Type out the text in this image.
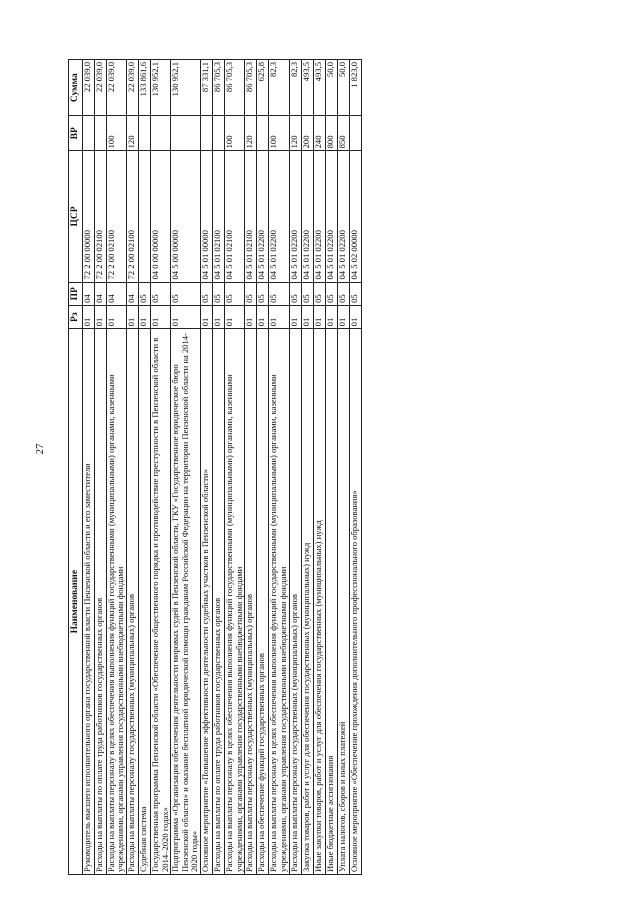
27
Наименование	Рз	ПР	ЦСР	ВР	Сумма
Руководитель высшего исполнительного органа государственной власти Пензенской области и его заместители	01	04	72 2 00 00000		22 039,0
Расходы на выплаты по оплате труда работников государственных органов	01	04	72 2 00 02100		22 039,0
Расходы на выплаты персоналу в целях обеспечения выполнения функций государственными (муниципальными) органами, казенными учреждениями, органами управления государственными внебюджетными фондами	01	04	72 2 00 02100	100	22 039,0
Расходы на выплаты персоналу государственных (муниципальных) органов	01	04	72 2 00 02100	120	22 039,0
Судебная система	01	05			133 861,6
Государственная программа Пензенской области «Обеспечение общественного порядка и противодействие преступности в Пензенской области в 2014–2020 годах»	01	05	04 0 00 00000		130 952,1
Подпрограмма «Организация обеспечения деятельности мировых судей в Пензенской области, ГКУ «Государственное юридическое бюро Пензенской области» и оказание бесплатной юридической помощи гражданам Российской Федерации на территории Пензенской области на 2014-2020 годы»	01	05	04 5 00 00000		130 952,1
Основное мероприятие «Повышение эффективности деятельности судебных участков в Пензенской области»	01	05	04 5 01 00000		87 331,1
Расходы на выплаты по оплате труда работников государственных органов	01	05	04 5 01 02100		86 705,3
Расходы на выплаты персоналу в целях обеспечения выполнения функций государственными (муниципальными) органами, казенными учреждениями, органами управления государственными внебюджетными фондами	01	05	04 5 01 02100	100	86 705,3
Расходы на выплаты персоналу государственных (муниципальных) органов	01	05	04 5 01 02100	120	86 705,3
Расходы на обеспечение функций государственных органов	01	05	04 5 01 02200		625,8
Расходы на выплаты персоналу в целях обеспечения выполнения функций государственными (муниципальными) органами, казенными учреждениями, органами управления государственными внебюджетными фондами	01	05	04 5 01 02200	100	82,3
Расходы на выплаты персоналу государственных (муниципальных) органов	01	05	04 5 01 02200	120	82,3
Закупка товаров, работ и услуг для обеспечения государственных (муниципальных) нужд	01	05	04 5 01 02200	200	493,5
Иные закупки товаров, работ и услуг для обеспечения государственных (муниципальных) нужд	01	05	04 5 01 02200	240	493,5
Иные бюджетные ассигнования	01	05	04 5 01 02200	800	50,0
Уплата налогов, сборов и иных платежей	01	05	04 5 01 02200	850	50,0
Основное мероприятие «Обеспечение прохождения дополнительного профессионального образования»	01	05	04 5 02 00000		1 823,0
